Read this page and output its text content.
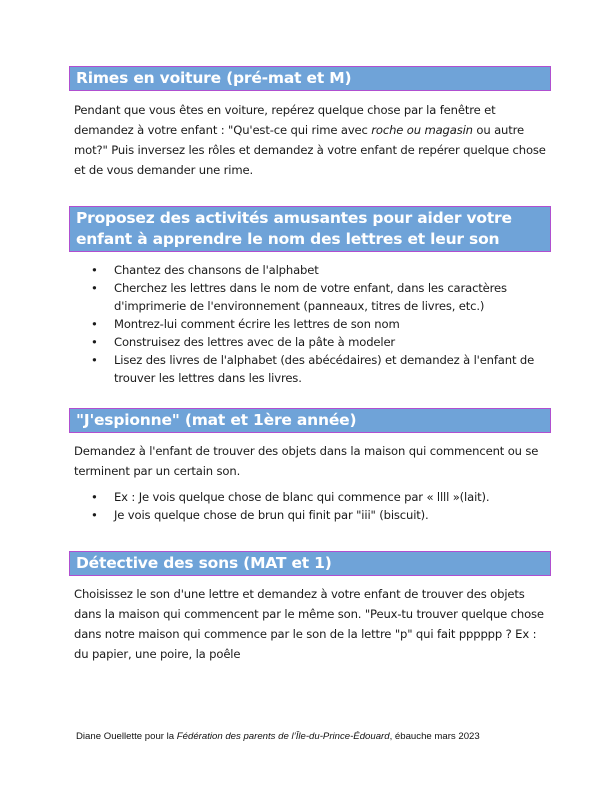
Rimes en voiture (pré-mat et M)
Pendant que vous êtes en voiture, repérez quelque chose par la fenêtre et demandez à votre enfant : "Qu'est-ce qui rime avec roche ou magasin ou autre mot?" Puis inversez les rôles et demandez à votre enfant de repérer quelque chose et de vous demander une rime.
Proposez des activités amusantes pour aider votre enfant à apprendre le nom des lettres et leur son
• Chantez des chansons de l'alphabet
• Cherchez les lettres dans le nom de votre enfant, dans les caractères d'imprimerie de l'environnement (panneaux, titres de livres, etc.)
• Montrez-lui comment écrire les lettres de son nom
• Construisez des lettres avec de la pâte à modeler
• Lisez des livres de l'alphabet (des abécédaires) et demandez à l'enfant de trouver les lettres dans les livres.
"J'espionne" (mat et 1ère année)
Demandez à l'enfant de trouver des objets dans la maison qui commencent ou se terminent par un certain son.
• Ex : Je vois quelque chose de blanc qui commence par « llll »(lait).
• Je vois quelque chose de brun qui finit par "iii" (biscuit).
Détective des sons (MAT et 1)
Choisissez le son d'une lettre et demandez à votre enfant de trouver des objets dans la maison qui commencent par le même son. "Peux-tu trouver quelque chose dans notre maison qui commence par le son de la lettre "p" qui fait pppppp ? Ex : du papier, une poire, la poêle
Diane Ouellette pour la Fédération des parents de l’Île-du-Prince-Édouard, ébauche mars 2023
